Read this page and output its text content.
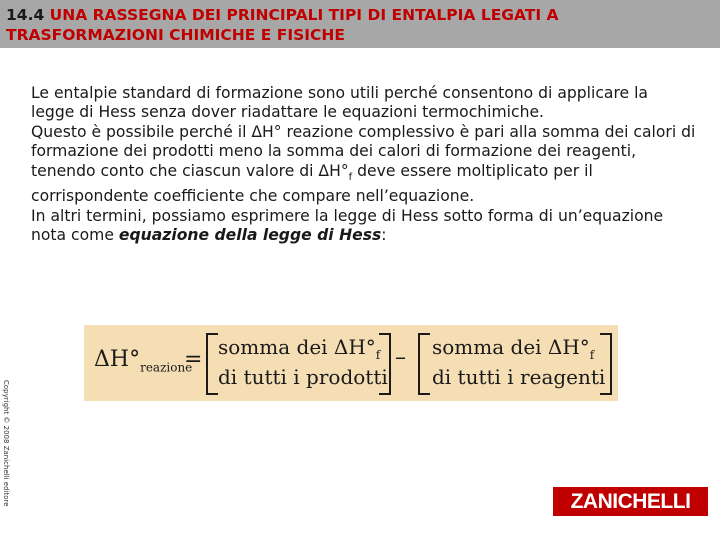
14.4 UNA RASSEGNA DEI PRINCIPALI TIPI DI ENTALPIA LEGATI A
TRASFORMAZIONI CHIMICHE E FISICHE

Le entalpie standard di formazione sono utili perché consentono di applicare la legge di Hess senza dover riadattare le equazioni termochimiche.

Questo è possibile perché il ΔH° reazione complessivo è pari alla somma dei calori di formazione dei prodotti meno la somma dei calori di formazione dei reagenti, tenendo conto che ciascun valore di $\Delta H^\circ_f$ deve essere moltiplicato per il corrispondente coefficiente che compare nell’equazione.

In altri termini, possiamo esprimere la legge di Hess sotto forma di un’equazione nota come equazione della legge di Hess:

$\Delta H^\circ_{reazione}$
= somma dei $\Delta H^\circ_f$
di tutti i prodotti
– somma dei $\Delta H^\circ_f$
di tutti i reagenti
Copyright © 2008 Zanichelli editore	ZANICHELLI
